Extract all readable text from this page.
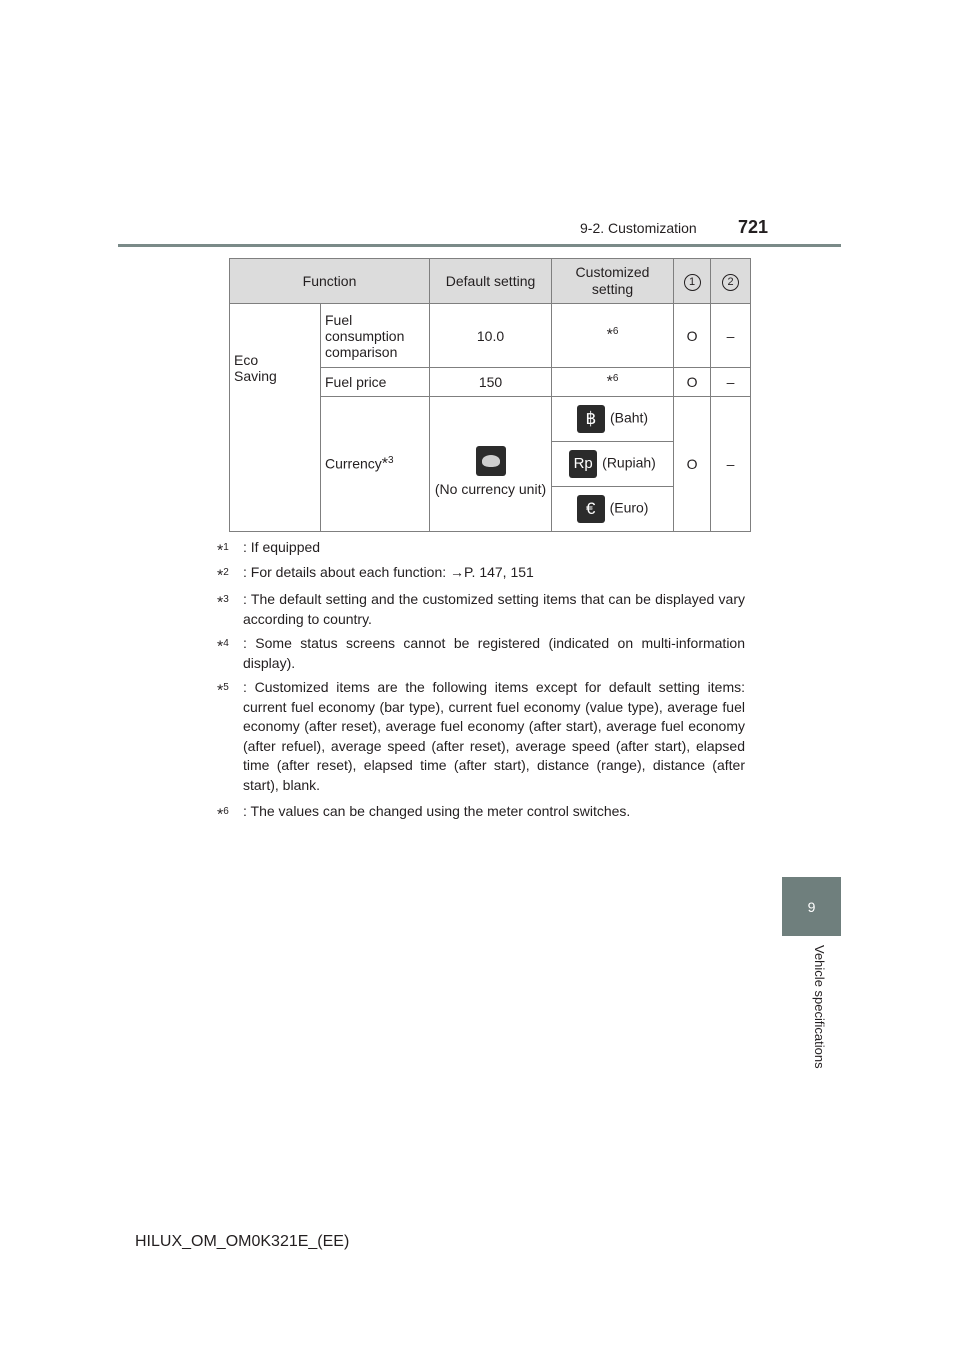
9-2. Customization 721
Function		Default setting	Customized setting	1	2

Eco Saving	Fuel consumption comparison	10.0	*$^6$	O	–
	Fuel price	150	*$^6$	O	–
	Currency*$^3$	(No currency unit)	฿ (Baht)	O	–
			Rp (Rupiah)		
			€ (Euro)		
*$^1$ : If equipped
*$^2$ : For details about each function: →P. 147, 151
*$^3$ : The default setting and the customized setting items that can be displayed vary according to country.
*$^4$ : Some status screens cannot be registered (indicated on multi-information display).
*$^5$ : Customized items are the following items except for default setting items: current fuel economy (bar type), current fuel economy (value type), average fuel economy (after reset), average fuel economy (after start), average fuel economy (after refuel), average speed (after reset), average speed (after start), elapsed time (after reset), elapsed time (after start), distance (range), distance (after start), blank.
*$^6$ : The values can be changed using the meter control switches.
9
Vehicle specifications
HILUX_OM_OM0K321E_(EE)
